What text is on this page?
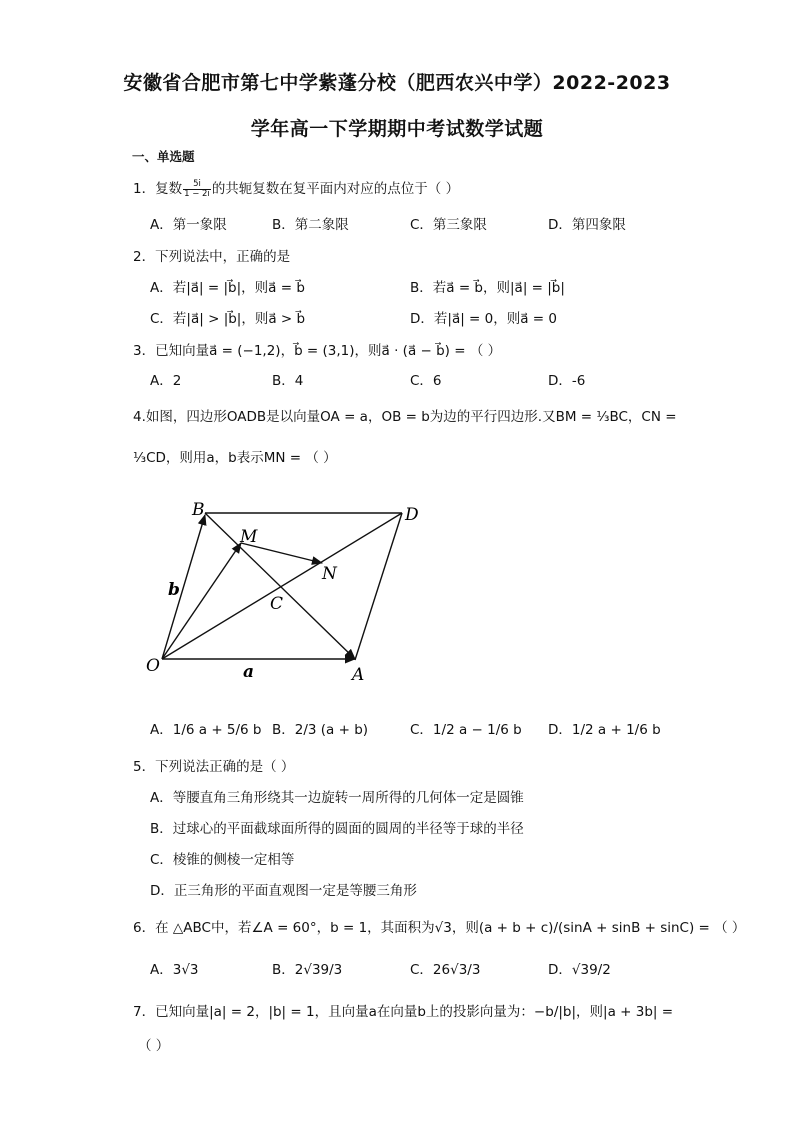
安徽省合肥市第七中学紫蓬分校（肥西农兴中学）2022-2023
学年高一下学期期中考试数学试题
一、单选题
1．复数 $\frac{5i}{1 - 2i}$ 的共轭复数在复平面内对应的点位于（ ）
A．第一象限	B．第二象限	C．第三象限	D．第四象限
2．下列说法中，正确的是
A．若|a⃗| = |b⃗|，则a⃗ = b⃗	B．若a⃗ = b⃗，则|a⃗| = |b⃗|
C．若|a⃗| > |b⃗|，则a⃗ > b⃗	D．若|a⃗| = 0，则a⃗ = 0
3．已知向量a⃗ = (−1,2)，b⃗ = (3,1)，则a⃗ · (a⃗ − b⃗) = （ ）
A．2	B．4	C．6	D．-6
4.如图，四边形OADB是以向量OA = a，OB = b为边的平行四边形.又BM = ⅓BC，CN =
⅓CD，则用a，b表示MN = （ ）
B	D
M
N
b
C
O	a	A
A．1/6 a + 5/6 b B．2/3 (a + b)	C．1/2 a − 1/6 b D．1/2 a + 1/6 b
5．下列说法正确的是（ ）
A．等腰直角三角形绕其一边旋转一周所得的几何体一定是圆锥
B．过球心的平面截球面所得的圆面的圆周的半径等于球的半径
C．棱锥的侧棱一定相等
D．正三角形的平面直观图一定是等腰三角形
6．在 △ABC中，若∠A = 60°，b = 1，其面积为√3，则(a + b + c)/(sinA + sinB + sinC) = （ ）
A．3√3	B．2√39/3	C．26√3/3	D．√39/2
7．已知向量|a| = 2，|b| = 1，且向量a在向量b上的投影向量为：−b/|b|，则|a + 3b| =
（ ）
